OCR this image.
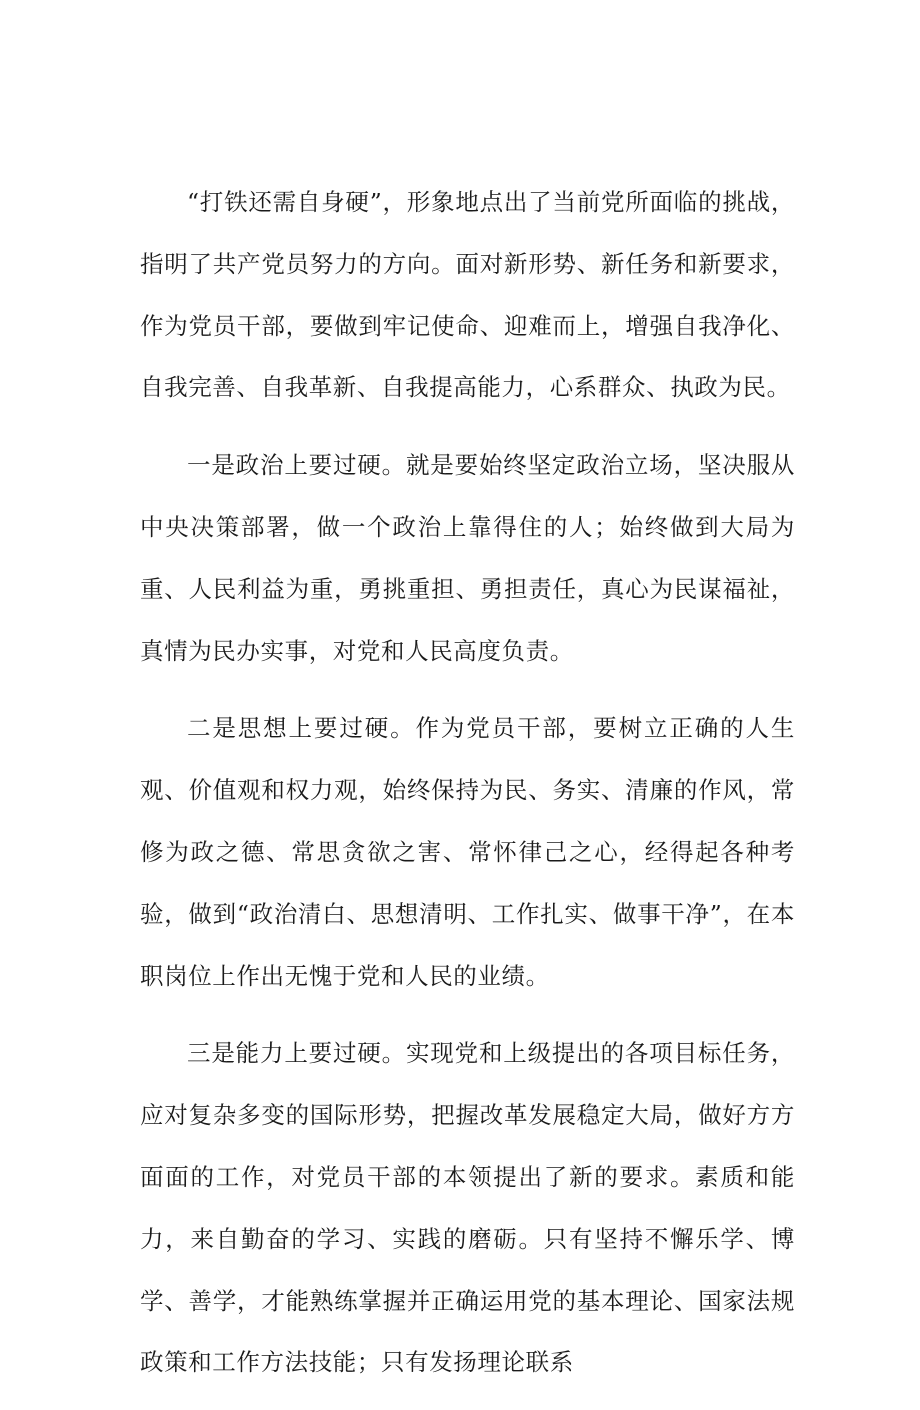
“打铁还需自身硬”，形象地点出了当前党所面临的挑战，指明了共产党员努力的方向。面对新形势、新任务和新要求，作为党员干部，要做到牢记使命、迎难而上，增强自我净化、自我完善、自我革新、自我提高能力，心系群众、执政为民。

一是政治上要过硬。就是要始终坚定政治立场，坚决服从中央决策部署，做一个政治上靠得住的人；始终做到大局为重、人民利益为重，勇挑重担、勇担责任，真心为民谋福祉，真情为民办实事，对党和人民高度负责。

二是思想上要过硬。作为党员干部，要树立正确的人生观、价值观和权力观，始终保持为民、务实、清廉的作风，常修为政之德、常思贪欲之害、常怀律己之心，经得起各种考验，做到“政治清白、思想清明、工作扎实、做事干净”，在本职岗位上作出无愧于党和人民的业绩。

三是能力上要过硬。实现党和上级提出的各项目标任务，应对复杂多变的国际形势，把握改革发展稳定大局，做好方方面面的工作，对党员干部的本领提出了新的要求。素质和能力，来自勤奋的学习、实践的磨砺。只有坚持不懈乐学、博学、善学，才能熟练掌握并正确运用党的基本理论、国家法规政策和工作方法技能；只有发扬理论联系
